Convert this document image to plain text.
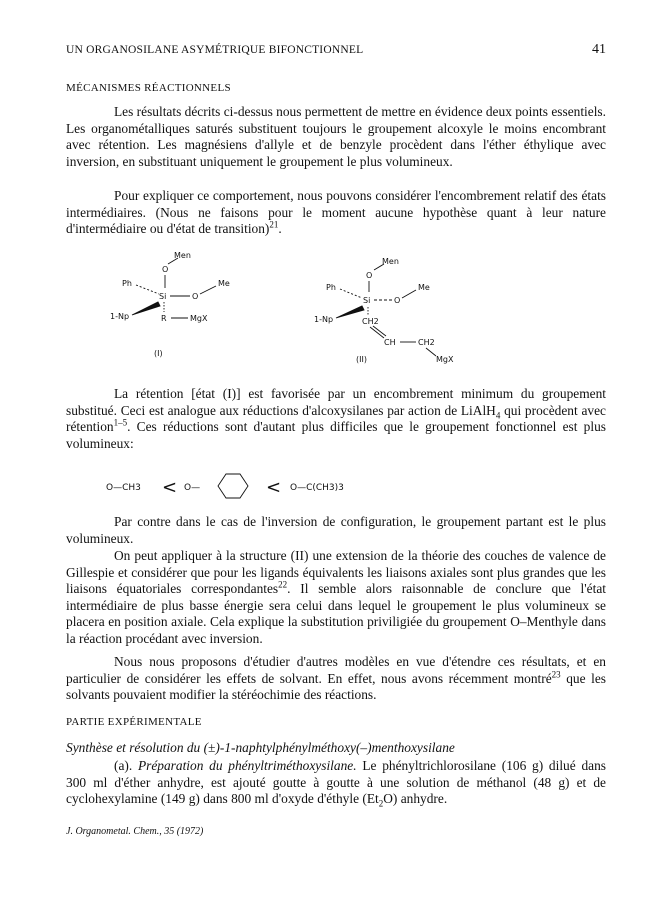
UN ORGANOSILANE ASYMÉTRIQUE BIFONCTIONNEL	41
MÉCANISMES RÉACTIONNELS

Les résultats décrits ci-dessus nous permettent de mettre en évidence deux points essentiels. Les organométalliques saturés substituent toujours le groupement alcoxyle le moins encombrant avec rétention. Les magnésiens d'allyle et de benzyle procèdent dans l'éther éthylique avec inversion, en substituant uniquement le groupement le plus volumineux.

Pour expliquer ce comportement, nous pouvons considérer l'encombrement relatif des états intermédiaires. (Nous ne faisons pour le moment aucune hypothèse quant à leur nature d'intermédiaire ou d'état de transition)$^{21}$.

Men
O
Ph
Si	O
Me
1-Np	R	MgX
(I)
Men
O
Ph
Si	O
Me
1-Np	CH2
CH	CH2
MgX
(II)

La rétention [état (I)] est favorisée par un encombrement minimum du groupement substitué. Ceci est analogue aux réductions d'alcoxysilanes par action de LiAlH$_4$ qui procèdent avec rétention$^{1-5}$. Ces réductions sont d'autant plus difficiles que le groupement fonctionnel est plus volumineux:

O—CH3 < O—	< O—C(CH3)3

Par contre dans le cas de l'inversion de configuration, le groupement partant est le plus volumineux.

On peut appliquer à la structure (II) une extension de la théorie des couches de valence de Gillespie et considérer que pour les ligands équivalents les liaisons axiales sont plus grandes que les liaisons équatoriales correspondantes$^{22}$. Il semble alors raisonnable de conclure que l'état intermédiaire de plus basse énergie sera celui dans lequel le groupement le plus volumineux se placera en position axiale. Cela explique la substitution priviligiée du groupement O–Menthyle dans la réaction procédant avec inversion.

Nous nous proposons d'étudier d'autres modèles en vue d'étendre ces résultats, et en particulier de considérer les effets de solvant. En effet, nous avons récemment montré$^{23}$ que les solvants pouvaient modifier la stéréochimie des réactions.

PARTIE EXPÉRIMENTALE
Synthèse et résolution du (±)-1-naphtylphénylméthoxy(–)menthoxysilane

(a). Préparation du phényltriméthoxysilane. Le phényltrichlorosilane (106 g) dilué dans 300 ml d'éther anhydre, est ajouté goutte à goutte à une solution de méthanol (48 g) et de cyclohexylamine (149 g) dans 800 ml d'oxyde d'éthyle $(Et_2O)$ anhydre.

J. Organometal. Chem., 35 (1972)
